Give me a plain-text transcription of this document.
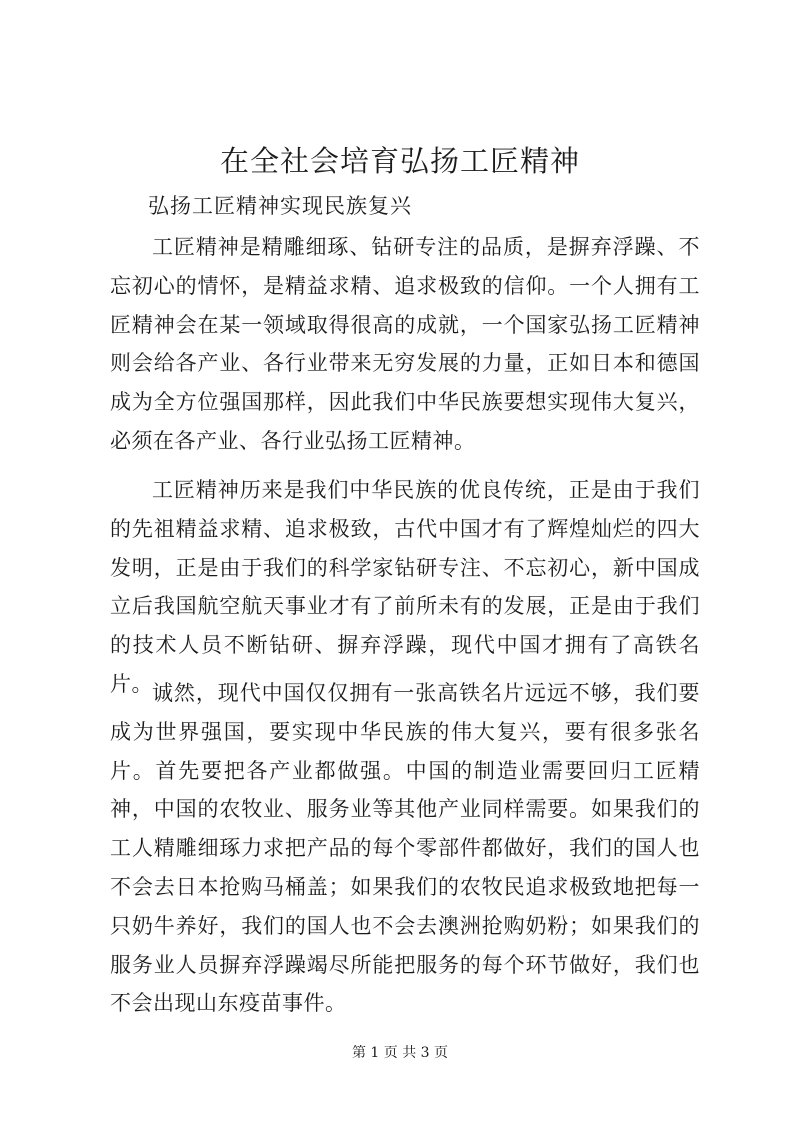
在全社会培育弘扬工匠精神

弘扬工匠精神实现民族复兴

工匠精神是精雕细琢、钻研专注的品质，是摒弃浮躁、不忘初心的情怀，是精益求精、追求极致的信仰。一个人拥有工匠精神会在某一领域取得很高的成就，一个国家弘扬工匠精神则会给各产业、各行业带来无穷发展的力量，正如日本和德国成为全方位强国那样，因此我们中华民族要想实现伟大复兴，必须在各产业、各行业弘扬工匠精神。

工匠精神历来是我们中华民族的优良传统，正是由于我们的先祖精益求精、追求极致，古代中国才有了辉煌灿烂的四大发明，正是由于我们的科学家钻研专注、不忘初心，新中国成立后我国航空航天事业才有了前所未有的发展，正是由于我们的技术人员不断钻研、摒弃浮躁，现代中国才拥有了高铁名片。 诚然，现代中国仅仅拥有一张高铁名片远远不够，我们要成为世界强国，要实现中华民族的伟大复兴，要有很多张名片。首先要把各产业都做强。中国的制造业需要回归工匠精神，中国的农牧业、服务业等其他产业同样需要。如果我们的工人精雕细琢力求把产品的每个零部件都做好，我们的国人也不会去日本抢购马桶盖；如果我们的农牧民追求极致地把每一只奶牛养好，我们的国人也不会去澳洲抢购奶粉；如果我们的服务业人员摒弃浮躁竭尽所能把服务的每个环节做好，我们也不会出现山东疫苗事件。

第 1 页 共 3 页
